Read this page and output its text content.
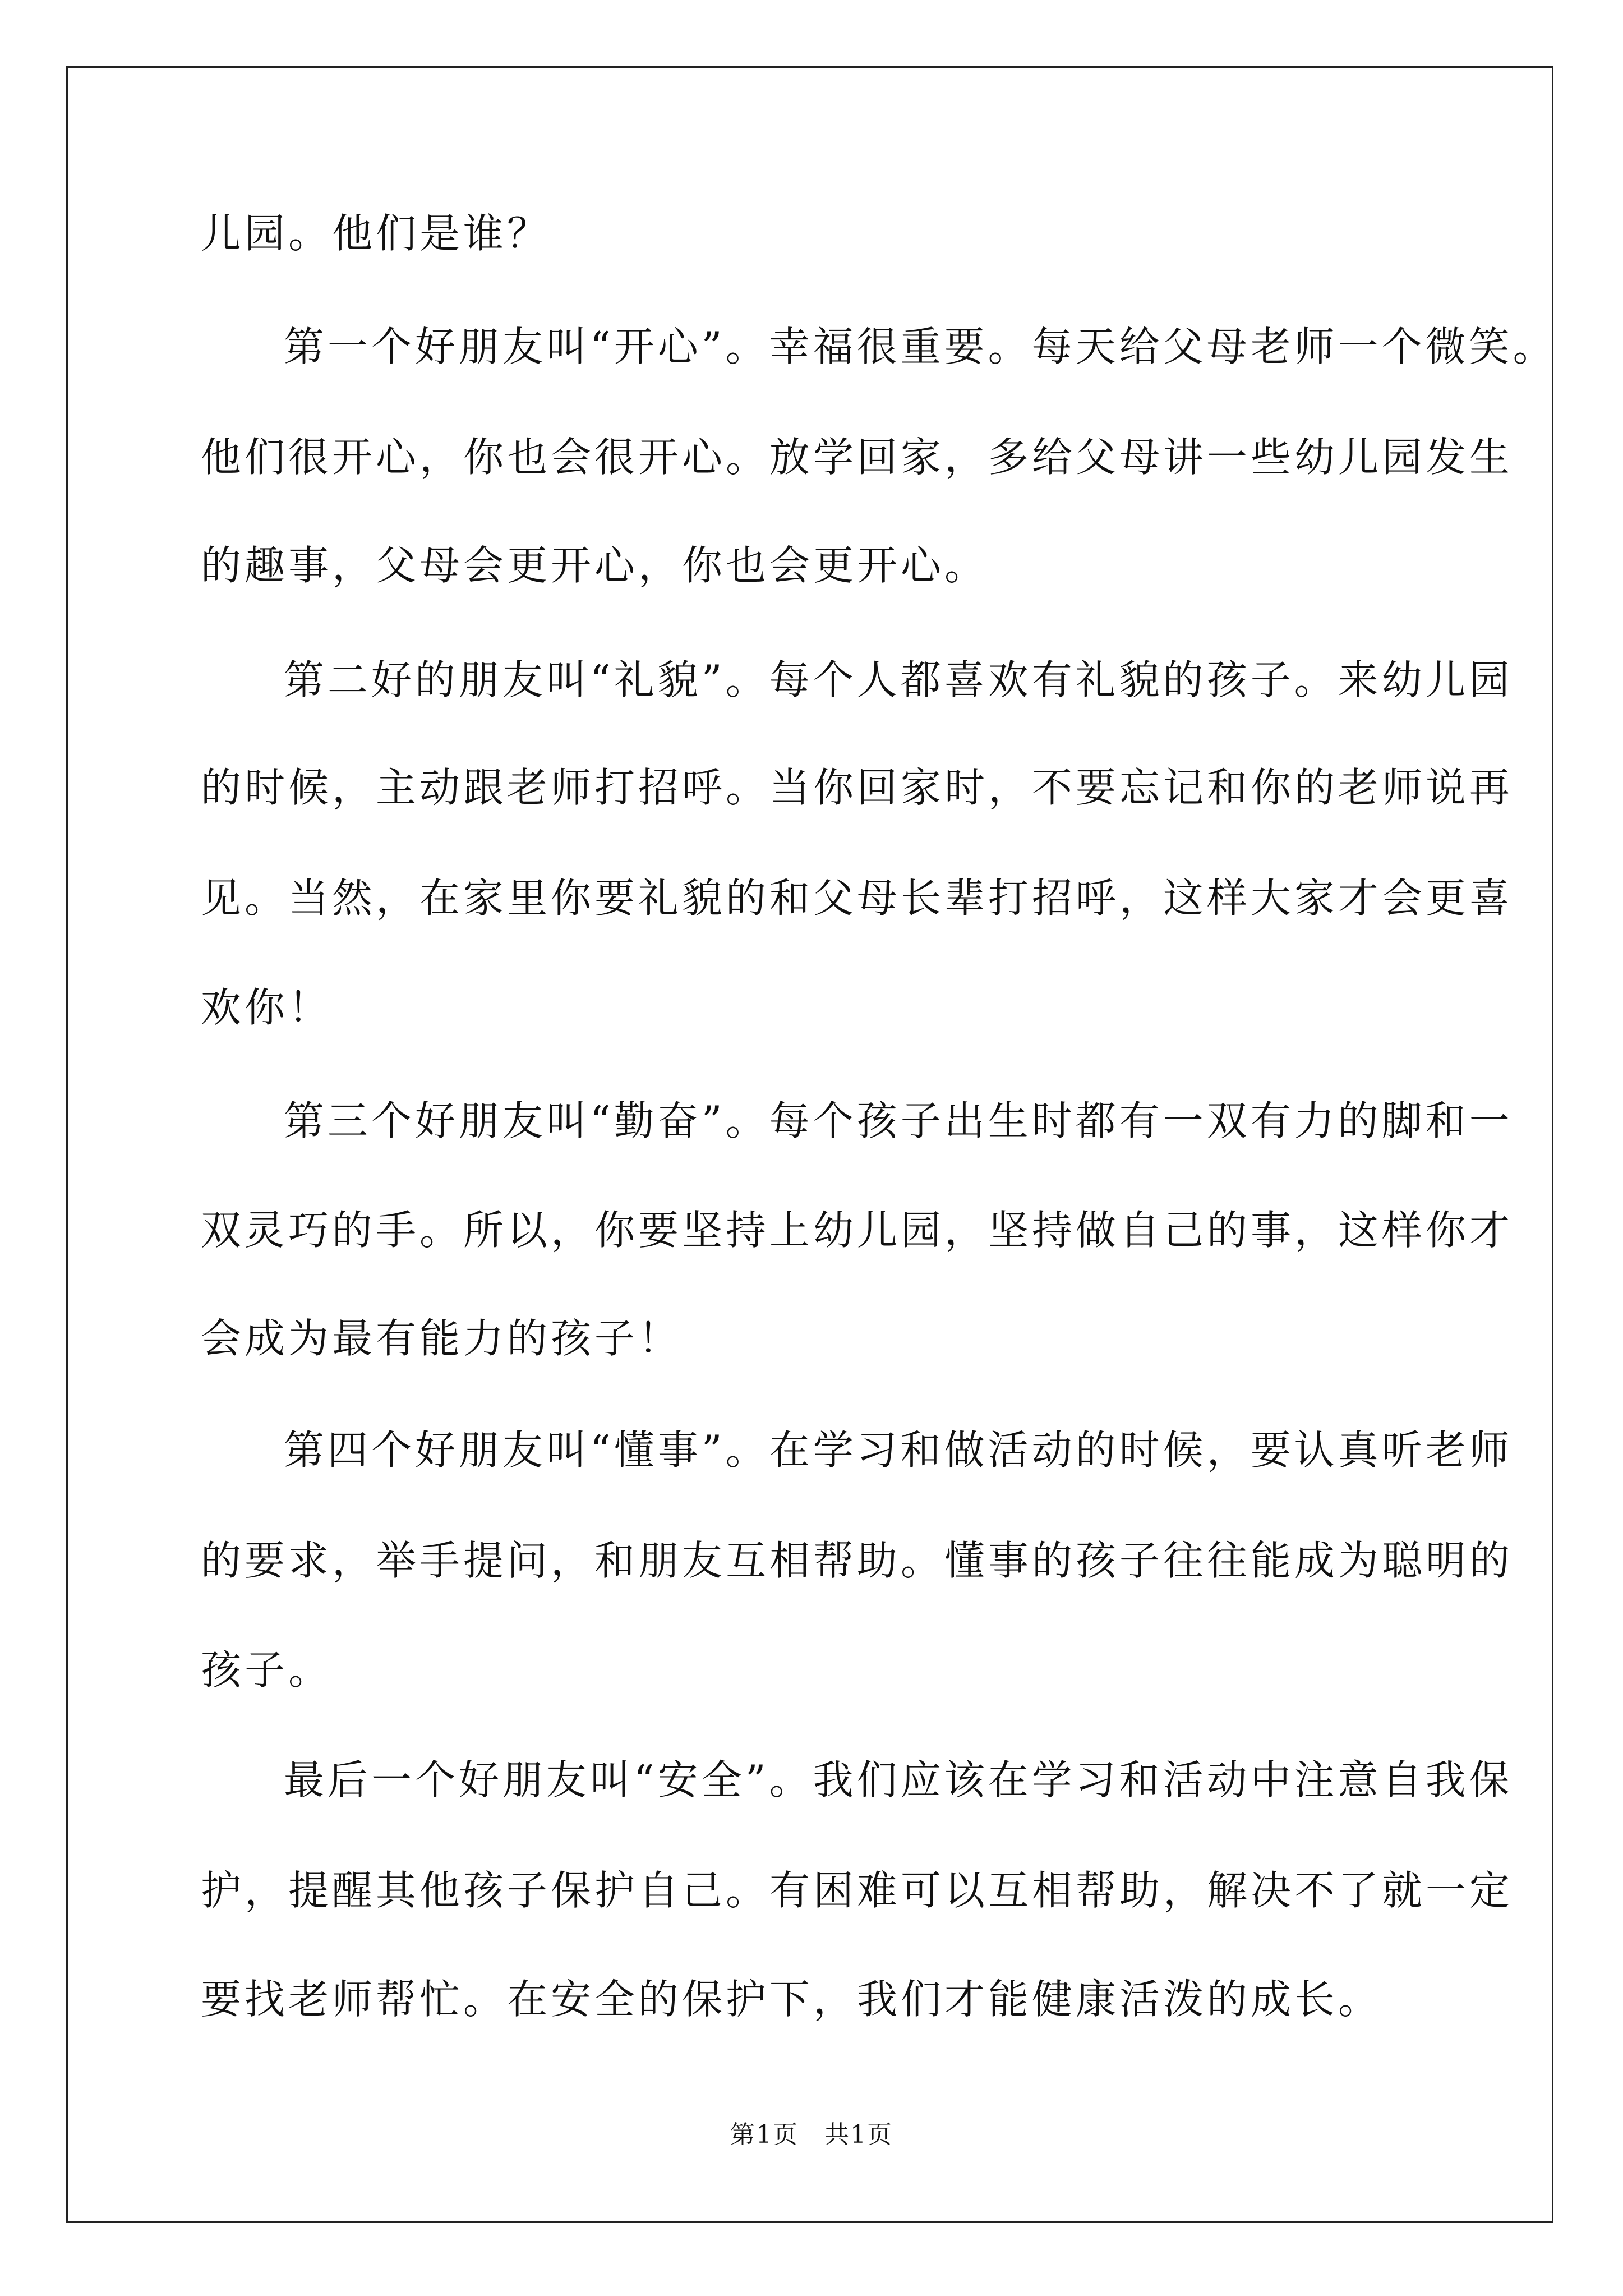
儿园。他们是谁？
第一个好朋友叫“开心”。幸福很重要。每天给父母老师一个微笑。
他们很开心，你也会很开心。放学回家，多给父母讲一些幼儿园发生
的趣事，父母会更开心，你也会更开心。
第二好的朋友叫“礼貌”。每个人都喜欢有礼貌的孩子。来幼儿园
的时候，主动跟老师打招呼。当你回家时，不要忘记和你的老师说再
见。当然，在家里你要礼貌的和父母长辈打招呼，这样大家才会更喜
欢你！
第三个好朋友叫“勤奋”。每个孩子出生时都有一双有力的脚和一
双灵巧的手。所以，你要坚持上幼儿园，坚持做自己的事，这样你才
会成为最有能力的孩子！
第四个好朋友叫“懂事”。在学习和做活动的时候，要认真听老师
的要求，举手提问，和朋友互相帮助。懂事的孩子往往能成为聪明的
孩子。
最后一个好朋友叫“安全”。我们应该在学习和活动中注意自我保
护，提醒其他孩子保护自己。有困难可以互相帮助，解决不了就一定
要找老师帮忙。在安全的保护下，我们才能健康活泼的成长。
第1页 共1页
